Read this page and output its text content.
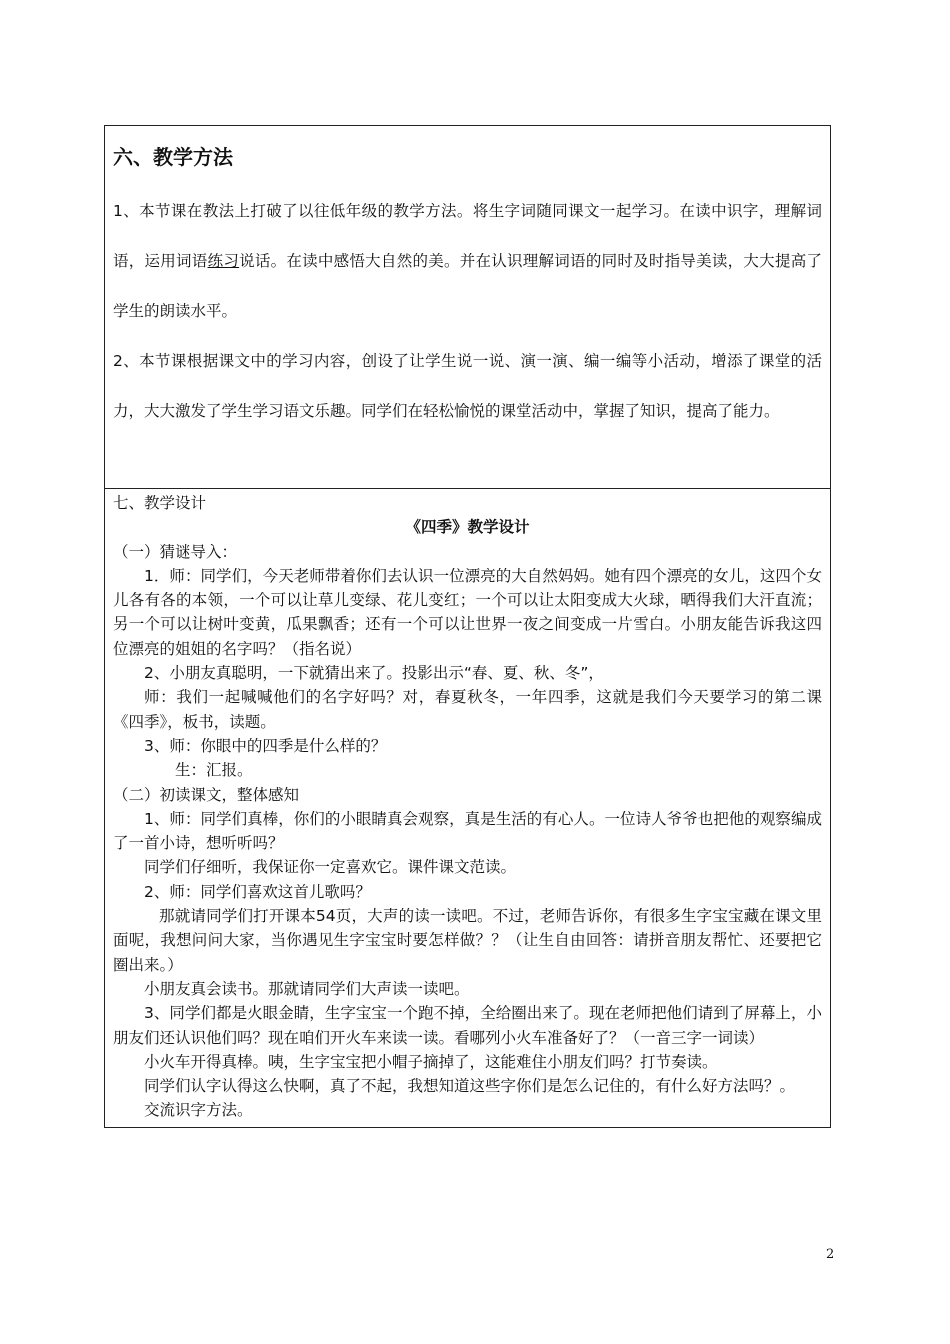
六、教学方法

1、本节课在教法上打破了以往低年级的教学方法。将生字词随同课文一起学习。在读中识字，理解词语，运用词语练习说话。在读中感悟大自然的美。并在认识理解词语的同时及时指导美读，大大提高了学生的朗读水平。

2、本节课根据课文中的学习内容，创设了让学生说一说、演一演、编一编等小活动，增添了课堂的活力，大大激发了学生学习语文乐趣。同学们在轻松愉悦的课堂活动中，掌握了知识，提高了能力。

七、教学设计

《四季》教学设计

（一）猜谜导入：

1．师：同学们，今天老师带着你们去认识一位漂亮的大自然妈妈。她有四个漂亮的女儿，这四个女儿各有各的本领，一个可以让草儿变绿、花儿变红；一个可以让太阳变成大火球，晒得我们大汗直流；另一个可以让树叶变黄，瓜果飘香；还有一个可以让世界一夜之间变成一片雪白。小朋友能告诉我这四位漂亮的姐姐的名字吗？（指名说）

2、小朋友真聪明，一下就猜出来了。投影出示“春、夏、秋、冬”，

师：我们一起喊喊他们的名字好吗？对，春夏秋冬，一年四季，这就是我们今天要学习的第二课《四季》，板书，读题。

3、师：你眼中的四季是什么样的？

生：汇报。

（二）初读课文，整体感知

1、师：同学们真棒，你们的小眼睛真会观察，真是生活的有心人。一位诗人爷爷也把他的观察编成了一首小诗，想听听吗？

同学们仔细听，我保证你一定喜欢它。课件课文范读。

2、师：同学们喜欢这首儿歌吗？

那就请同学们打开课本54页，大声的读一读吧。不过，老师告诉你，有很多生字宝宝藏在课文里面呢，我想问问大家，当你遇见生字宝宝时要怎样做？？（让生自由回答：请拼音朋友帮忙、还要把它圈出来。）

小朋友真会读书。那就请同学们大声读一读吧。

3、同学们都是火眼金睛，生字宝宝一个跑不掉，全给圈出来了。现在老师把他们请到了屏幕上，小朋友们还认识他们吗？现在咱们开火车来读一读。看哪列小火车准备好了？（一音三字一词读）

小火车开得真棒。咦，生字宝宝把小帽子摘掉了，这能难住小朋友们吗？打节奏读。

同学们认字认得这么快啊，真了不起，我想知道这些字你们是怎么记住的，有什么好方法吗？。

交流识字方法。

2
